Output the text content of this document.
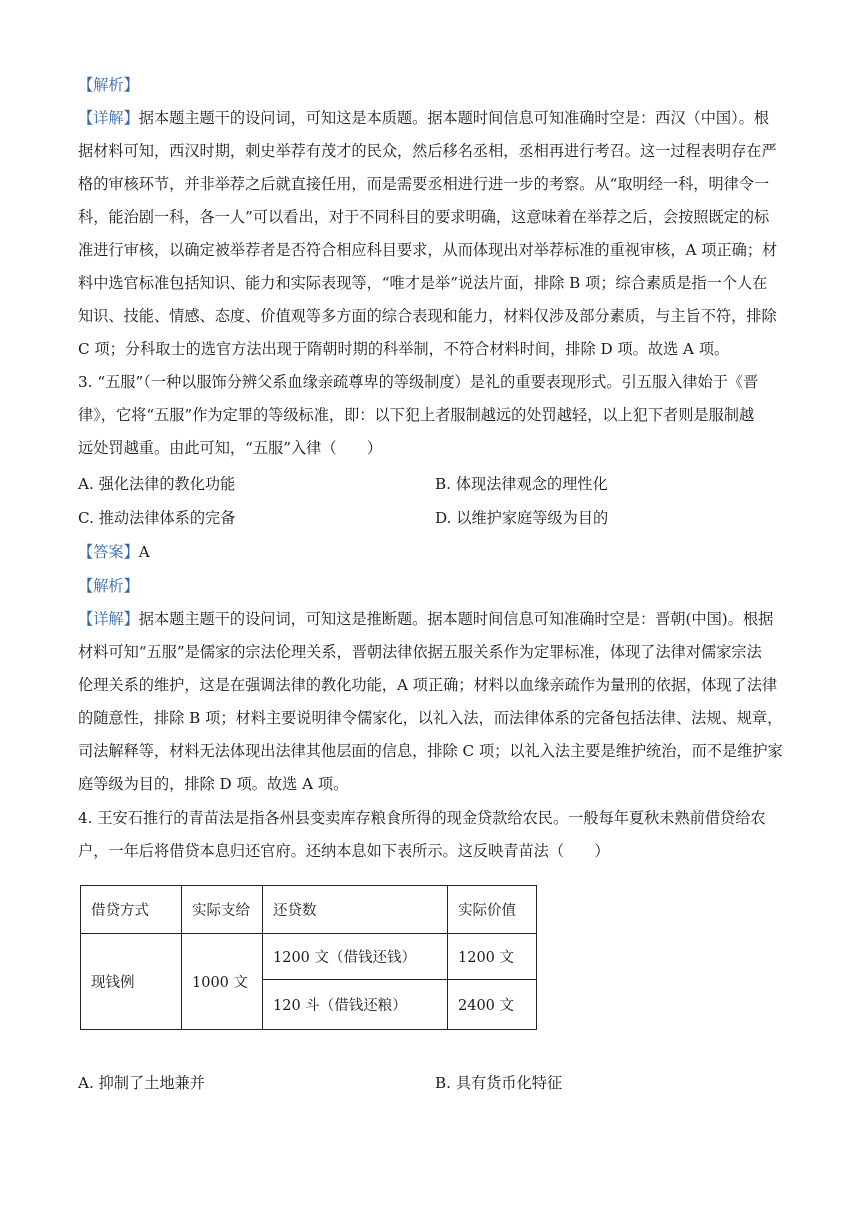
【解析】
【详解】据本题主题干的设问词，可知这是本质题。据本题时间信息可知准确时空是：西汉（中国）。根
据材料可知，西汉时期，刺史举荐有茂才的民众，然后移名丞相，丞相再进行考召。这一过程表明存在严
格的审核环节，并非举荐之后就直接任用，而是需要丞相进行进一步的考察。从“取明经一科，明律令一
科，能治剧一科，各一人”可以看出，对于不同科目的要求明确，这意味着在举荐之后，会按照既定的标
准进行审核，以确定被举荐者是否符合相应科目要求，从而体现出对举荐标准的重视审核，A 项正确；材
料中选官标准包括知识、能力和实际表现等，“唯才是举”说法片面，排除 B 项；综合素质是指一个人在
知识、技能、情感、态度、价值观等多方面的综合表现和能力，材料仅涉及部分素质，与主旨不符，排除
C 项；分科取士的选官方法出现于隋朝时期的科举制，不符合材料时间，排除 D 项。故选 A 项。
3. “五服”（一种以服饰分辨父系血缘亲疏尊卑的等级制度）是礼的重要表现形式。引五服入律始于《晋
律》，它将“五服”作为定罪的等级标准，即：以下犯上者服制越远的处罚越轻，以上犯下者则是服制越
远处罚越重。由此可知，“五服”入律（　　）
A. 强化法律的教化功能	B. 体现法律观念的理性化
C. 推动法律体系的完备	D. 以维护家庭等级为目的
【答案】A
【解析】
【详解】据本题主题干的设问词，可知这是推断题。据本题时间信息可知准确时空是：晋朝(中国)。根据
材料可知“五服”是儒家的宗法伦理关系，晋朝法律依据五服关系作为定罪标准，体现了法律对儒家宗法
伦理关系的维护，这是在强调法律的教化功能，A 项正确；材料以血缘亲疏作为量刑的依据，体现了法律
的随意性，排除 B 项；材料主要说明律令儒家化，以礼入法，而法律体系的完备包括法律、法规、规章，
司法解释等，材料无法体现出法律其他层面的信息，排除 C 项；以礼入法主要是维护统治，而不是维护家
庭等级为目的，排除 D 项。故选 A 项。
4. 王安石推行的青苗法是指各州县变卖库存粮食所得的现金贷款给农民。一般每年夏秋未熟前借贷给农
户，一年后将借贷本息归还官府。还纳本息如下表所示。这反映青苗法（　　）
借贷方式	实际支给	还贷数	实际价值
现钱例	1000 文	1200 文（借钱还钱）	1200 文
		120 斗（借钱还粮）	2400 文
A. 抑制了土地兼并	B. 具有货币化特征
